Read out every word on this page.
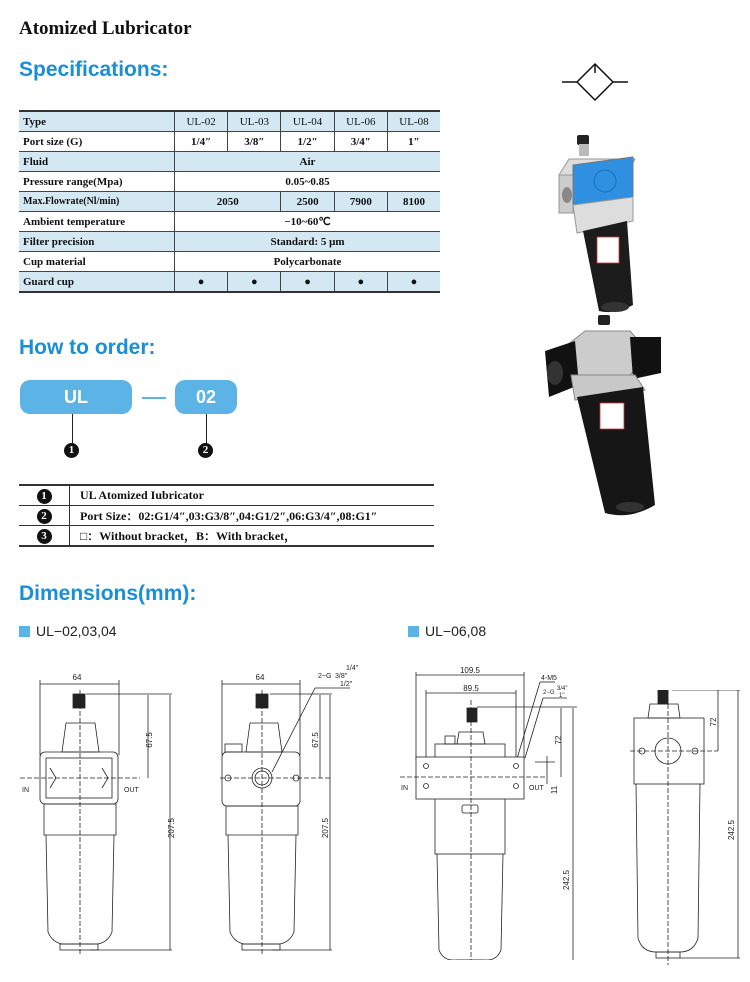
Atomized Lubricator
Specifications:
Type	UL-02	UL-03	UL-04	UL-06	UL-08
Port size (G)	1/4″	3/8″	1/2″	3/4″	1″
Fluid	Air				
Pressure range(Mpa)	0.05~0.85				
Max.Flowrate(Nl/min)	2050		2500	7900	8100
Ambient temperature	−10~60℃				
Filter precision	Standard: 5 μm				
Cup material	Polycarbonate				
Guard cup	●	●	●	●	●
How to order:
UL	02
1	2
1	UL Atomized Iubricator
2	Port Size：02:G1/4″,03:G3/8″,04:G1/2″,06:G3/4″,08:G1″
3	□：Without bracket，B：With bracket，
Dimensions(mm):
UL−02,03,04	UL−06,08
64
IN	OUT
67.5
207.5
64
1/4"
2−G 3/8"
1/2"
67.5
207.5
109.5
89.5
4-M5
2−G
3/4"
1"
IN	OUT 11
72
242.5
72
242.5
